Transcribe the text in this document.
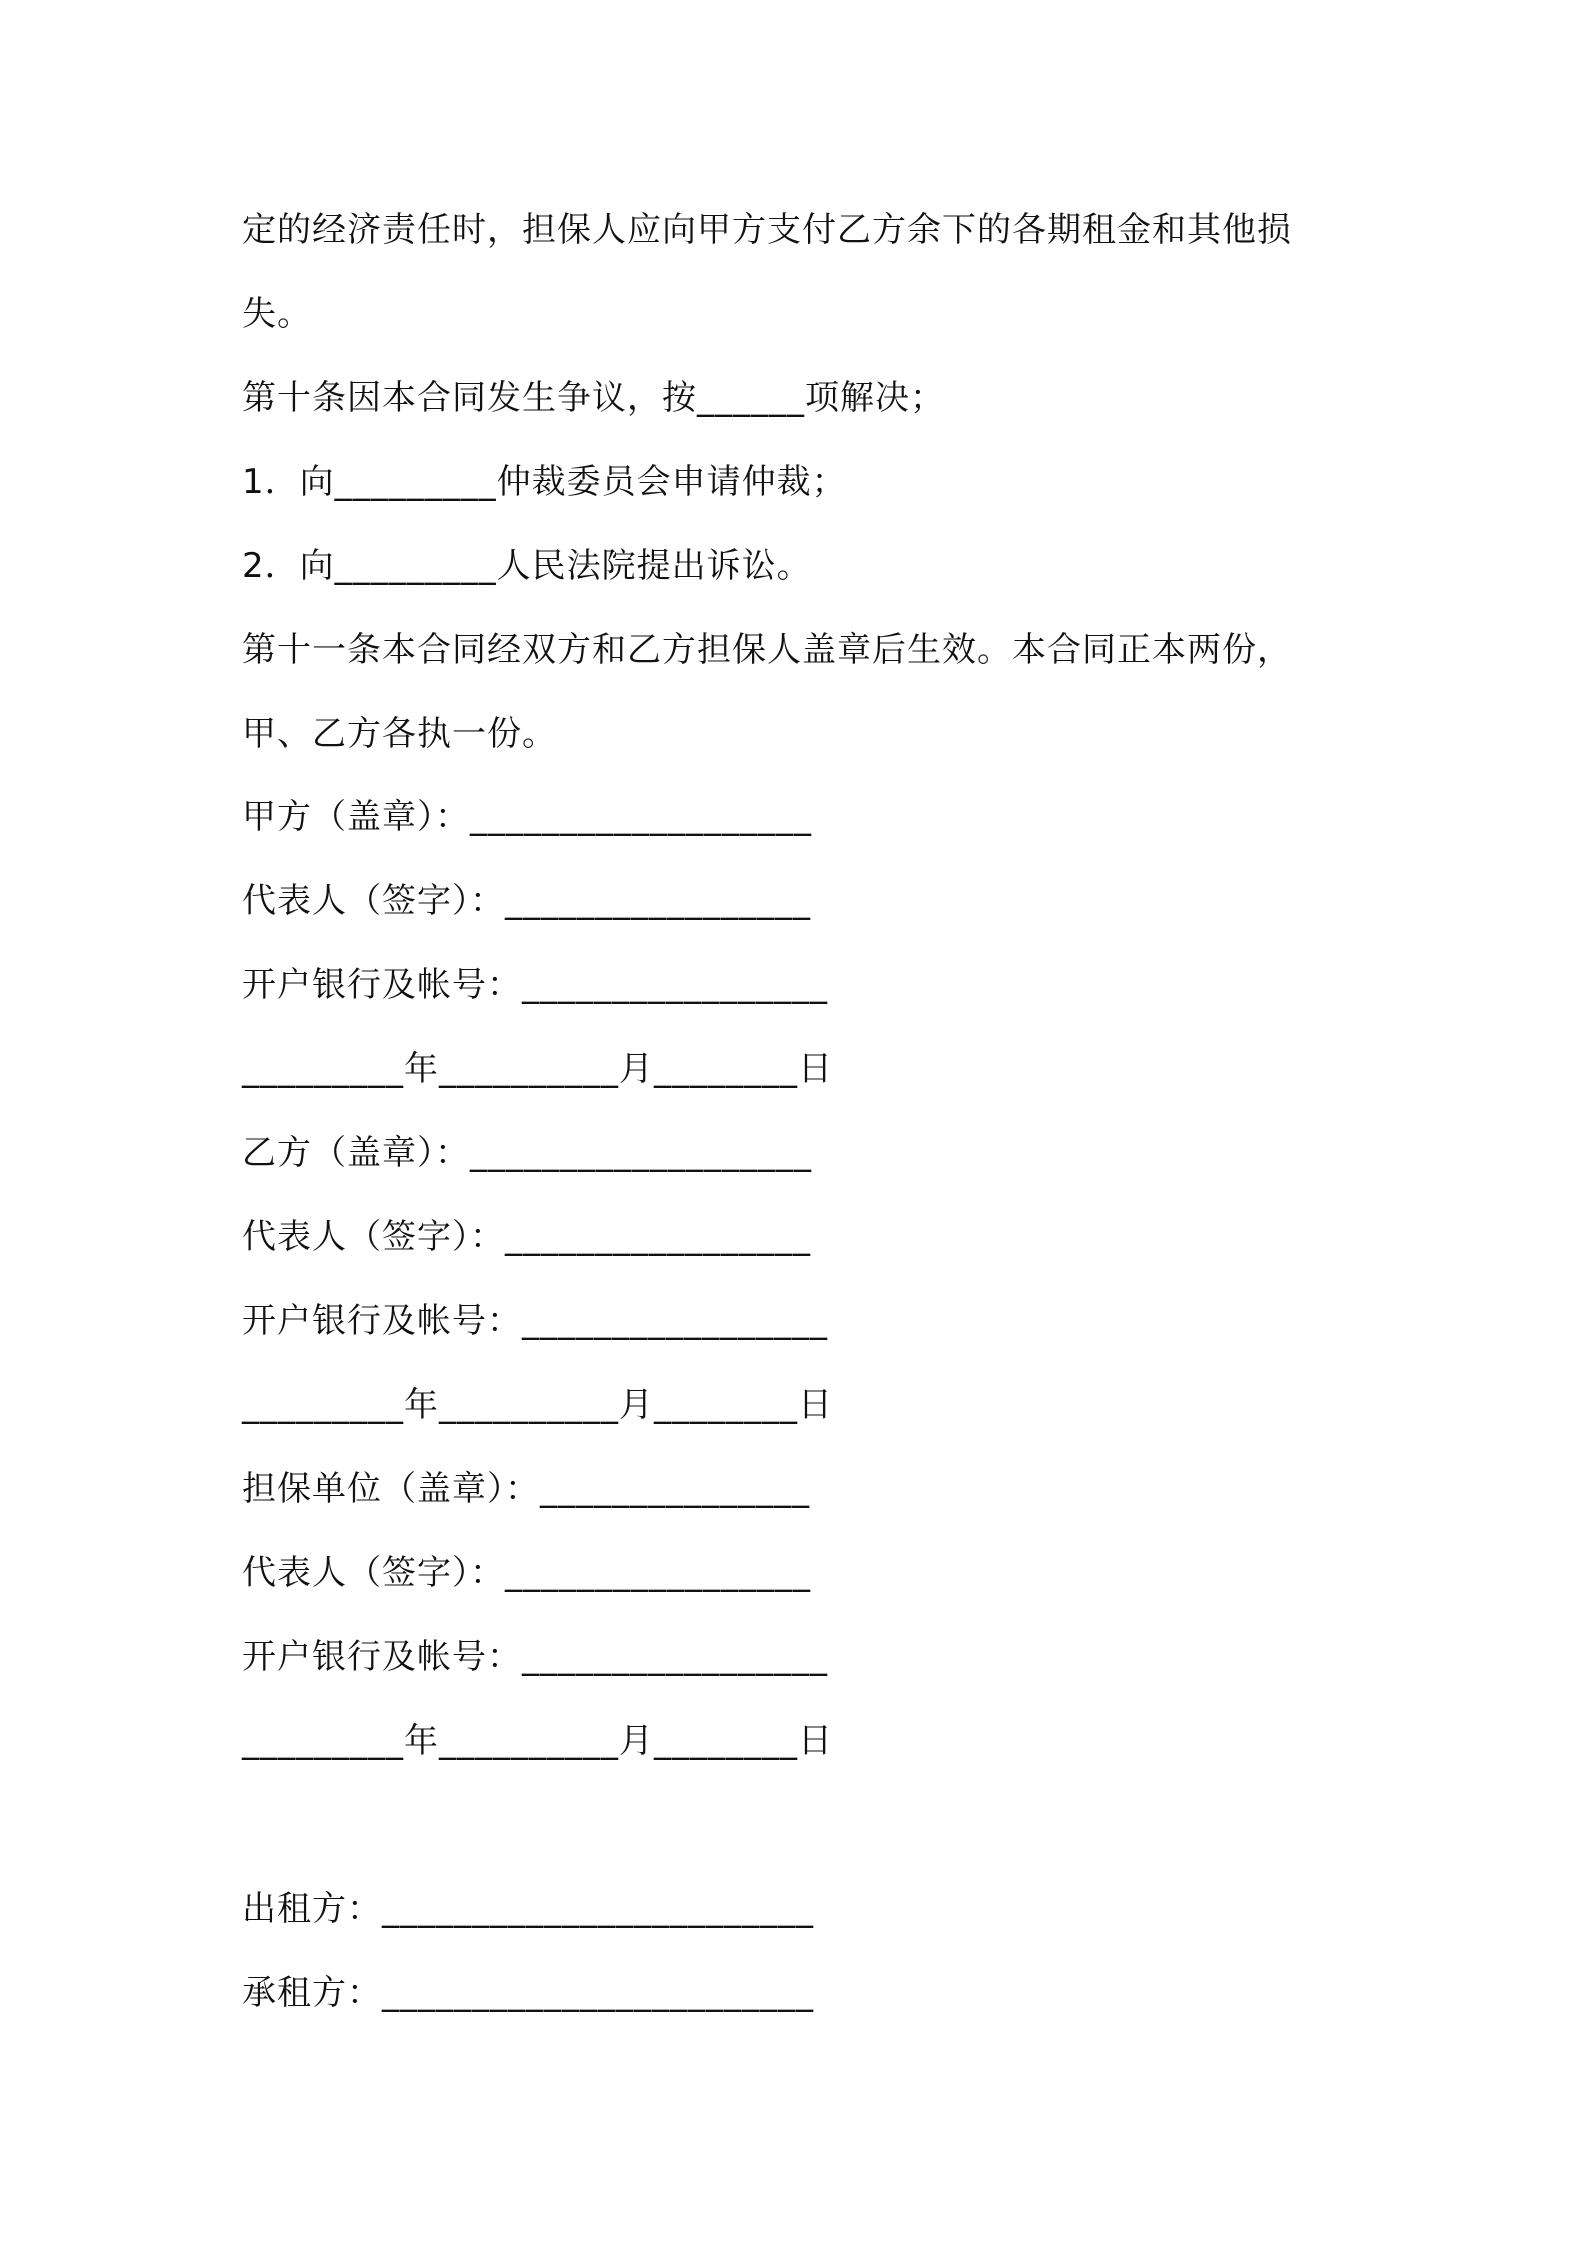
定的经济责任时，担保人应向甲方支付乙方余下的各期租金和其他损
失。
第十条因本合同发生争议，按______项解决；
1．向_________仲裁委员会申请仲裁；
2．向_________人民法院提出诉讼。
第十一条本合同经双方和乙方担保人盖章后生效。本合同正本两份，
甲、乙方各执一份。
甲方（盖章）：___________________
代表人（签字）：_________________
开户银行及帐号：_________________
_________年__________月________日
乙方（盖章）：___________________
代表人（签字）：_________________
开户银行及帐号：_________________
_________年__________月________日
担保单位（盖章）：_______________
代表人（签字）：_________________
开户银行及帐号：_________________
_________年__________月________日
出租方：________________________
承租方：________________________
